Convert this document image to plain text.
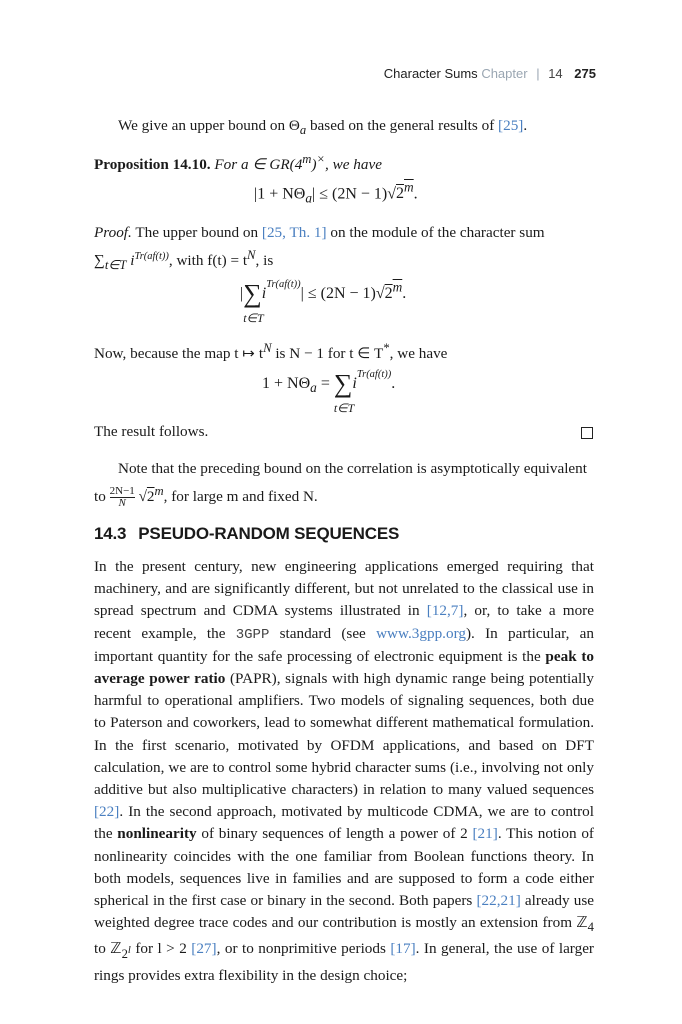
Character Sums Chapter | 14 275
We give an upper bound on $\Theta_a$ based on the general results of [25].
Proposition 14.10. For a ∈ GR(4$^m$)×, we have
$|1 + N\Theta_a| \le (2N - 1)√2^m$.
Proof. The upper bound on [25, Th. 1] on the module of the character sum
$\sum_{t\in T}$ $i^{Tr(af(t))}$, with $f(t) = t^N$, is
|∑
t∈T
$i^{Tr(af(t))}| \le (2N - 1)√2^m$.
Now, because the map t ↦ $t^N$ is N − 1 for t ∈ T*, we have
$1 + N\Theta_a$ = ∑
t∈T
$i^{Tr(af(t))}$.
The result follows.
Note that the preceding bound on the correlation is asymptotically equivalent
to $\frac{2N-1}{N} √2^m$, for large m and fixed N.
14.3 PSEUDO-RANDOM SEQUENCES
In the present century, new engineering applications emerged requiring that machinery, and are significantly different, but not unrelated to the classical use in spread spectrum and CDMA systems illustrated in [12,7], or, to take a more recent example, the 3GPP standard (see www.3gpp.org). In particular, an important quantity for the safe processing of electronic equipment is the peak to average power ratio (PAPR), signals with high dynamic range being potentially harmful to operational amplifiers. Two models of signaling sequences, both due to Paterson and coworkers, lead to somewhat different mathematical formulation. In the first scenario, motivated by OFDM applications, and based on DFT calculation, we are to control some hybrid character sums (i.e., involving not only additive but also multiplicative characters) in relation to many valued sequences [22]. In the second approach, motivated by multicode CDMA, we are to control the nonlinearity of binary sequences of length a power of 2 [21]. This notion of nonlinearity coincides with the one familiar from Boolean functions theory. In both models, sequences live in families and are supposed to form a code either spherical in the first case or binary in the second. Both papers [22,21] already use weighted degree trace codes and our contribution is mostly an extension from ℤ$_4$ to ℤ$_{2^l}$ for l > 2 [27], or to nonprimitive periods [17]. In general, the use of larger rings provides extra flexibility in the design choice;
